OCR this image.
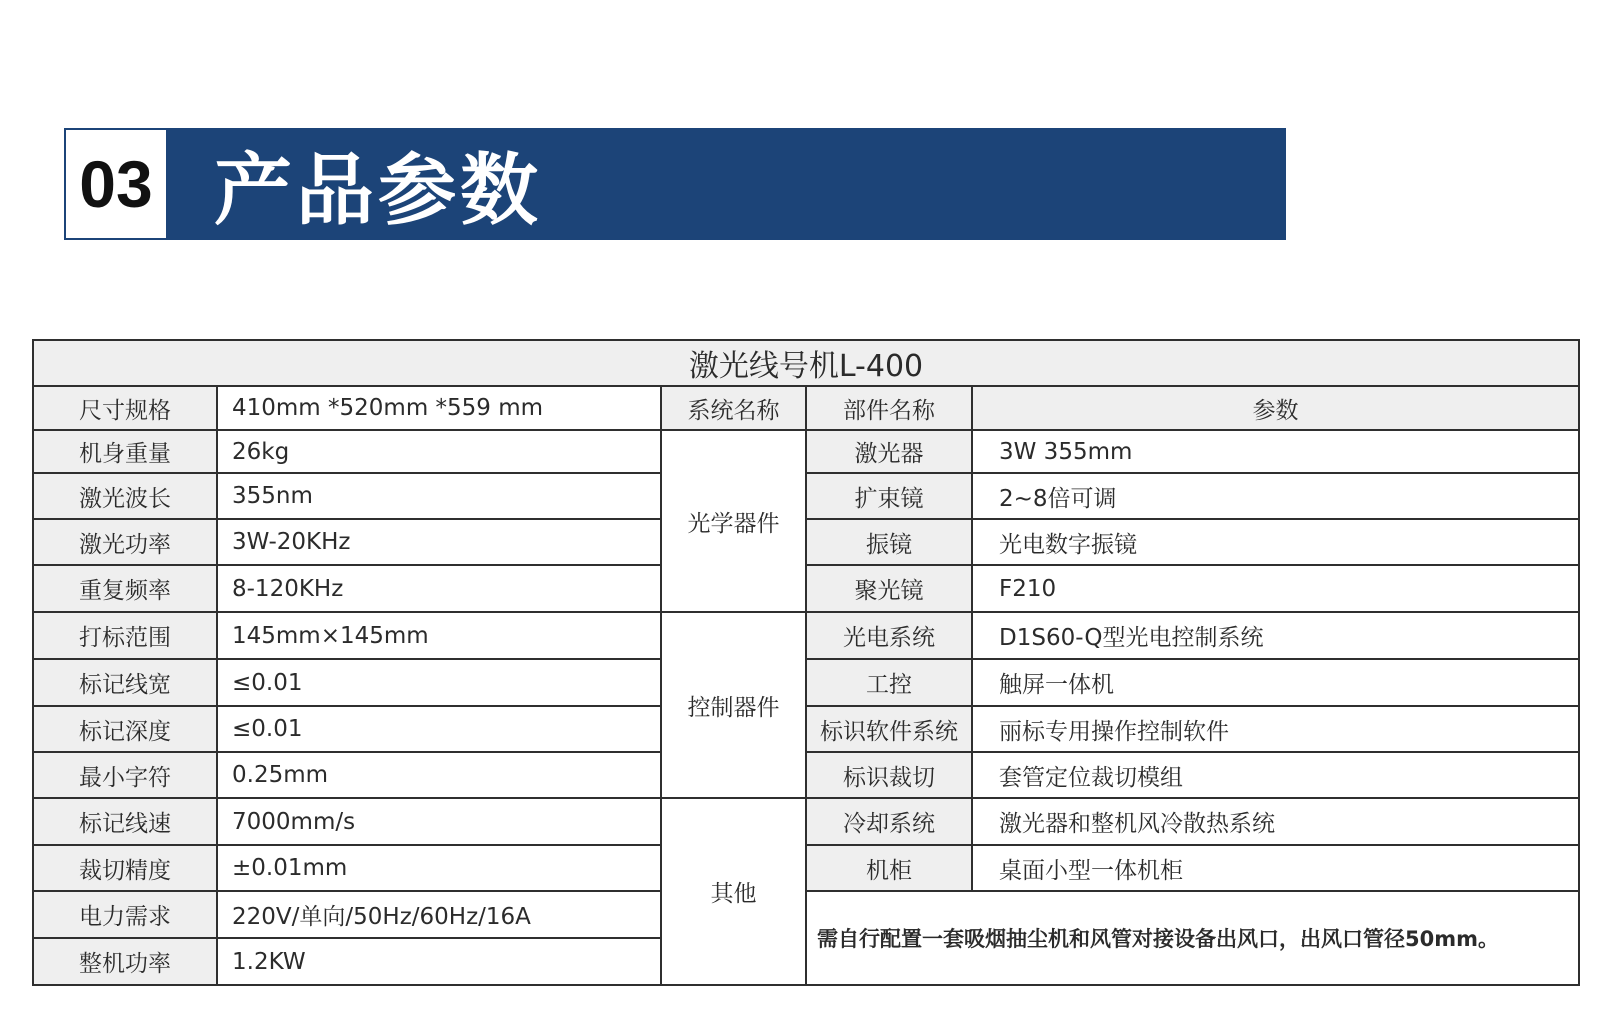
03 产品参数
激光线号机L-400				
尺寸规格	410mm *520mm *559 mm	系统名称	部件名称	参数
机身重量	26kg	光学器件	激光器	3W 355mm
激光波长	355nm		扩束镜	2~8倍可调
激光功率	3W-20KHz		振镜	光电数字振镜
重复频率	8-120KHz		聚光镜	F210
打标范围	145mm×145mm	控制器件	光电系统	D1S60-Q型光电控制系统
标记线宽	≤0.01		工控	触屏一体机
标记深度	≤0.01		标识软件系统	丽标专用操作控制软件
最小字符	0.25mm		标识裁切	套管定位裁切模组
标记线速	7000mm/s	其他	冷却系统	激光器和整机风冷散热系统
裁切精度	±0.01mm		机柜	桌面小型一体机柜
电力需求	220V/单向/50Hz/60Hz/16A		需自行配置一套吸烟抽尘机和风管对接设备出风口，出风口管径50mm。	
整机功率	1.2KW			
